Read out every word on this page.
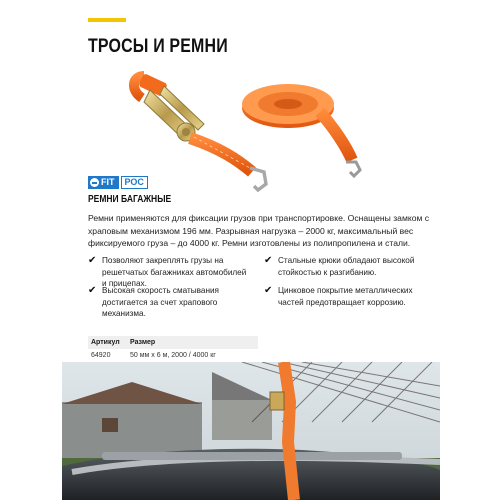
ТРОСЫ И РЕМНИ
FIT	РОС
РЕМНИ БАГАЖНЫЕ
Ремни применяются для фиксации грузов при транспортировке. Оснащены замком с храповым механизмом 196 мм. Разрывная нагрузка – 2000 кг, максимальный вес фиксируемого груза – до 4000 кг. Ремни изготовлены из полипропилена и стали.
✔ Позволяют закреплять грузы на решетчатых багажниках автомобилей и прицепах.
✔ Стальные крюки обладают высокой стойкостью к разгибанию.
✔ Высокая скорость сматывания достигается за счет храпового механизма.
✔ Цинковое покрытие металлических частей предотвращает коррозию.
Артикул	Размер
64920	50 мм х 6 м, 2000 / 4000 кг
